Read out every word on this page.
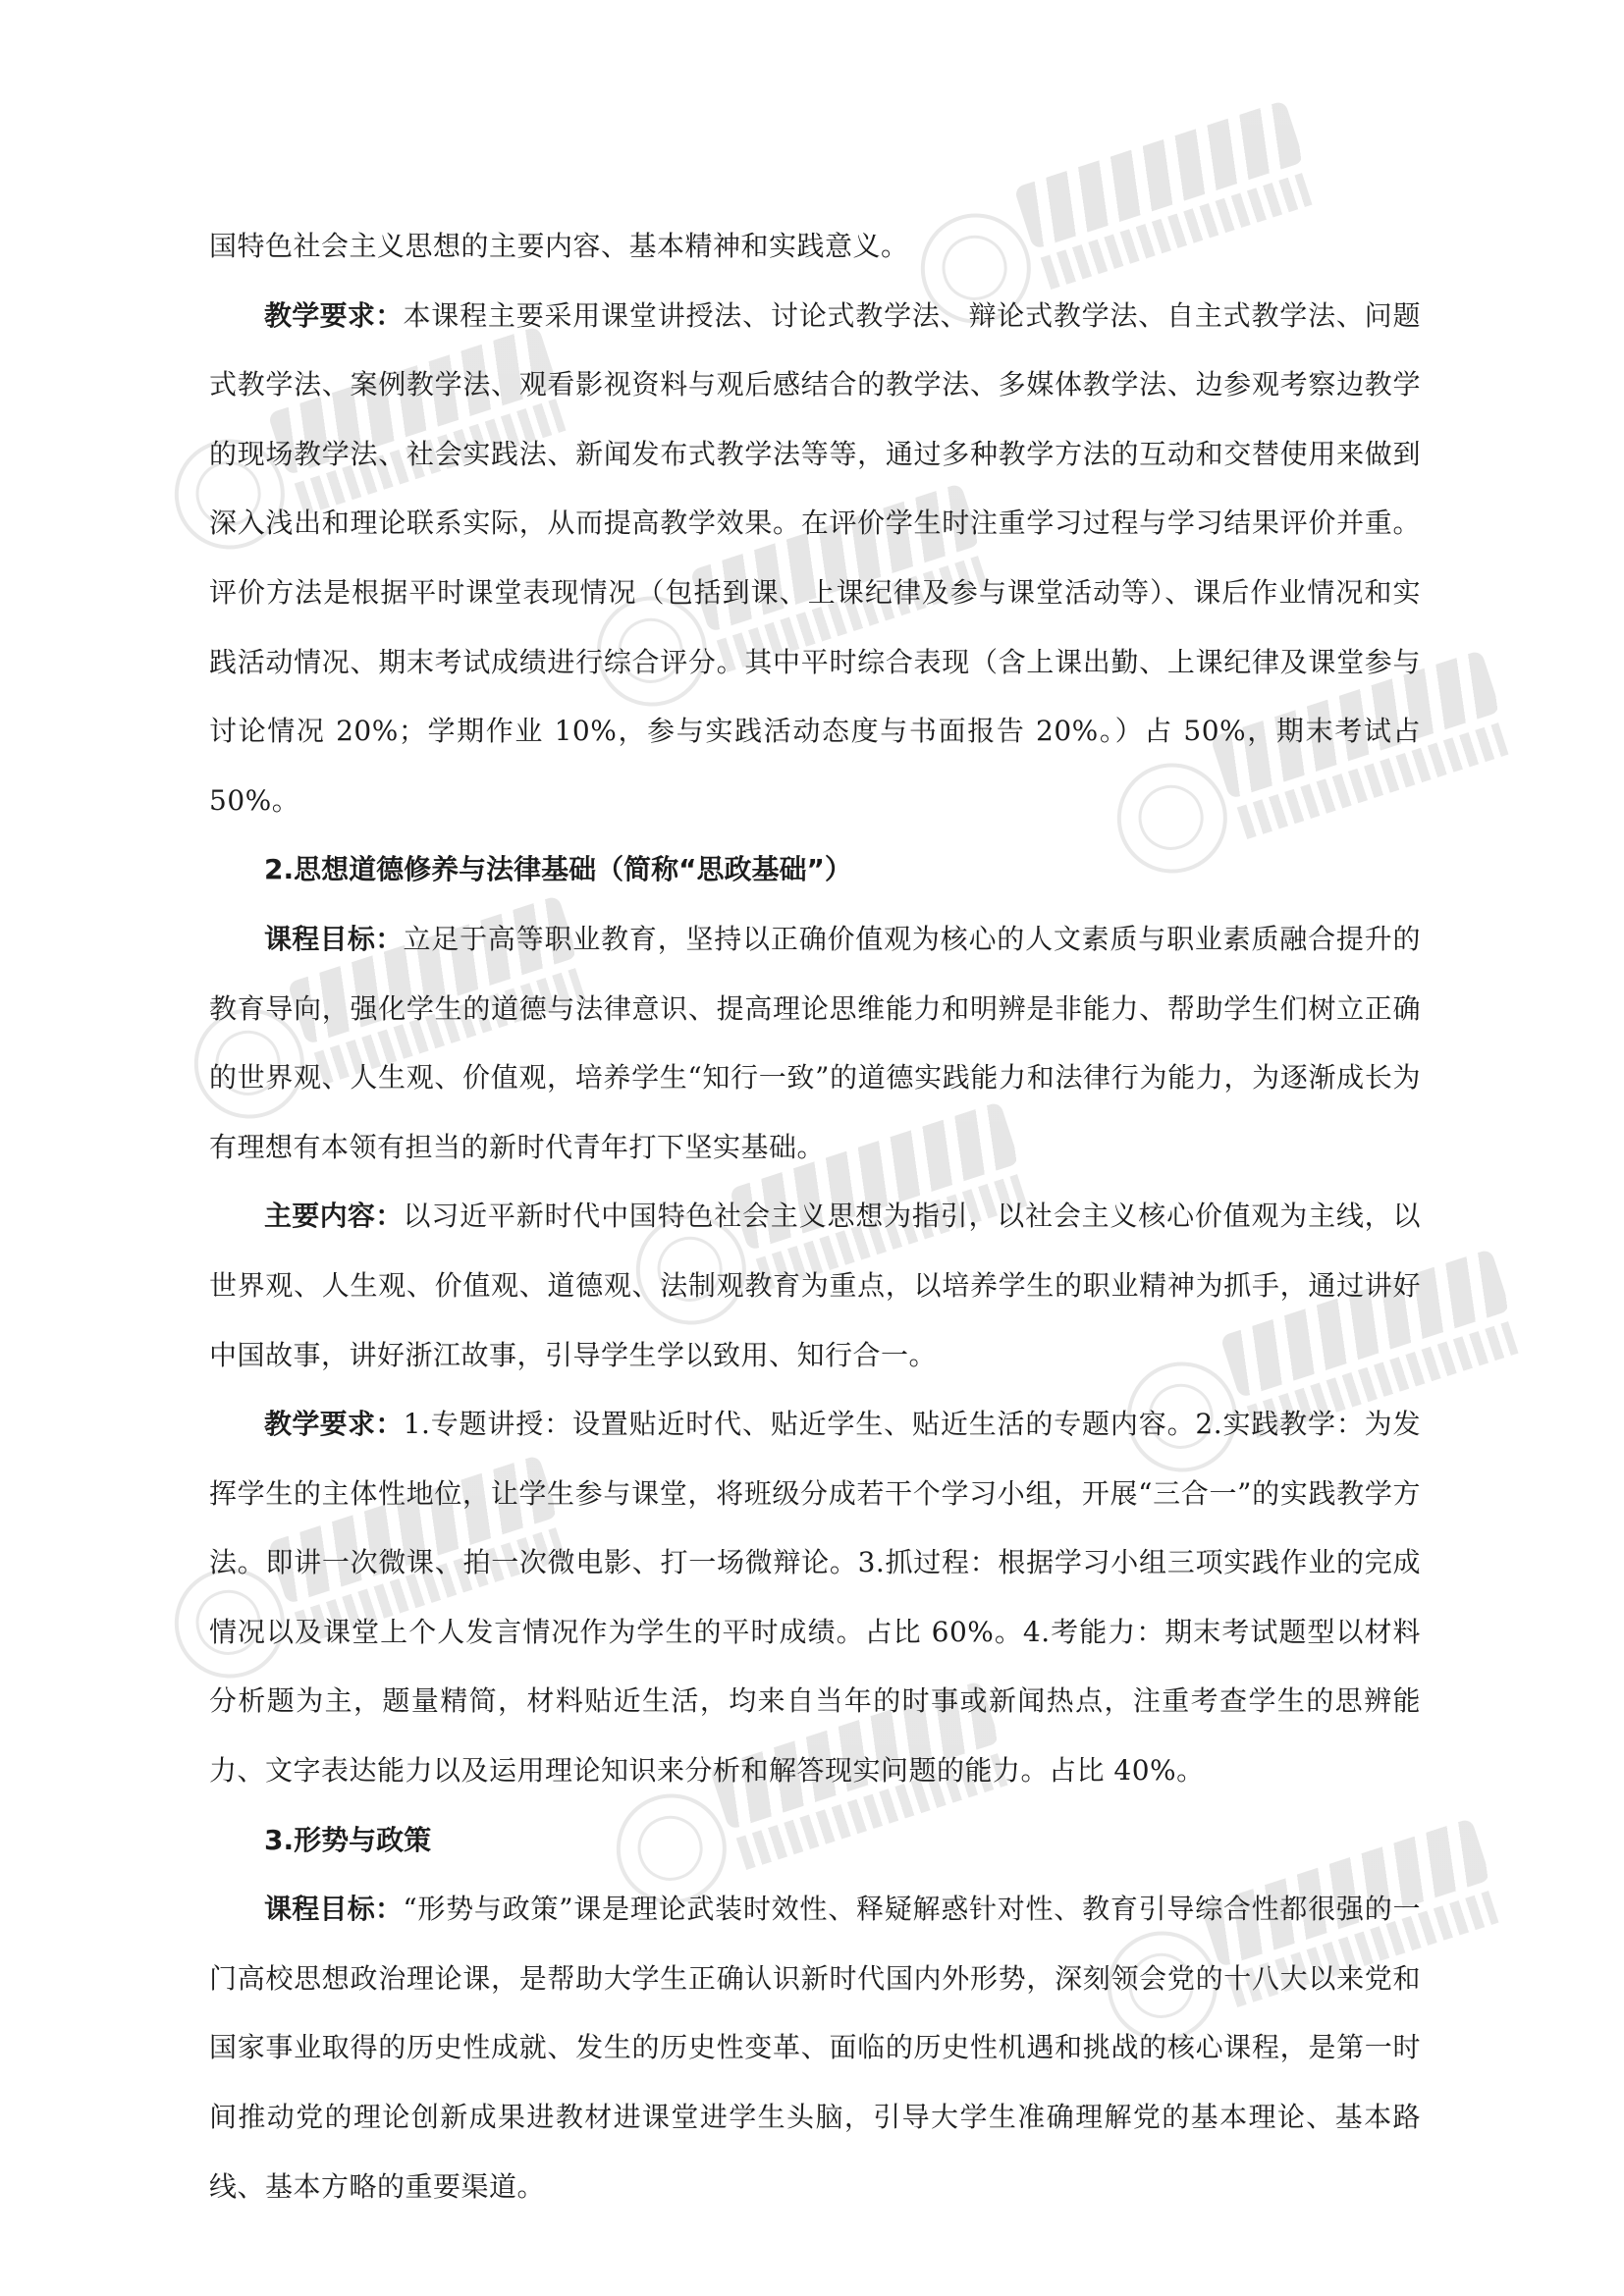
国特色社会主义思想的主要内容、基本精神和实践意义。

教学要求：本课程主要采用课堂讲授法、讨论式教学法、辩论式教学法、自主式教学法、问题式教学法、案例教学法、观看影视资料与观后感结合的教学法、多媒体教学法、边参观考察边教学的现场教学法、社会实践法、新闻发布式教学法等等，通过多种教学方法的互动和交替使用来做到深入浅出和理论联系实际，从而提高教学效果。在评价学生时注重学习过程与学习结果评价并重。评价方法是根据平时课堂表现情况（包括到课、上课纪律及参与课堂活动等）、课后作业情况和实践活动情况、期末考试成绩进行综合评分。其中平时综合表现（含上课出勤、上课纪律及课堂参与讨论情况 20%；学期作业 10%，参与实践活动态度与书面报告 20%。）占 50%，期末考试占 50%。

2.思想道德修养与法律基础（简称“思政基础”）

课程目标：立足于高等职业教育，坚持以正确价值观为核心的人文素质与职业素质融合提升的教育导向，强化学生的道德与法律意识、提高理论思维能力和明辨是非能力、帮助学生们树立正确的世界观、人生观、价值观，培养学生“知行一致”的道德实践能力和法律行为能力，为逐渐成长为有理想有本领有担当的新时代青年打下坚实基础。

主要内容：以习近平新时代中国特色社会主义思想为指引，以社会主义核心价值观为主线，以世界观、人生观、价值观、道德观、法制观教育为重点，以培养学生的职业精神为抓手，通过讲好中国故事，讲好浙江故事，引导学生学以致用、知行合一。

教学要求：1.专题讲授：设置贴近时代、贴近学生、贴近生活的专题内容。2.实践教学：为发挥学生的主体性地位，让学生参与课堂，将班级分成若干个学习小组，开展“三合一”的实践教学方法。即讲一次微课、拍一次微电影、打一场微辩论。3.抓过程：根据学习小组三项实践作业的完成情况以及课堂上个人发言情况作为学生的平时成绩。占比 60%。4.考能力：期末考试题型以材料分析题为主，题量精简，材料贴近生活，均来自当年的时事或新闻热点，注重考查学生的思辨能力、文字表达能力以及运用理论知识来分析和解答现实问题的能力。占比 40%。

3.形势与政策

课程目标：“形势与政策”课是理论武装时效性、释疑解惑针对性、教育引导综合性都很强的一门高校思想政治理论课，是帮助大学生正确认识新时代国内外形势，深刻领会党的十八大以来党和国家事业取得的历史性成就、发生的历史性变革、面临的历史性机遇和挑战的核心课程，是第一时间推动党的理论创新成果进教材进课堂进学生头脑，引导大学生准确理解党的基本理论、基本路线、基本方略的重要渠道。
